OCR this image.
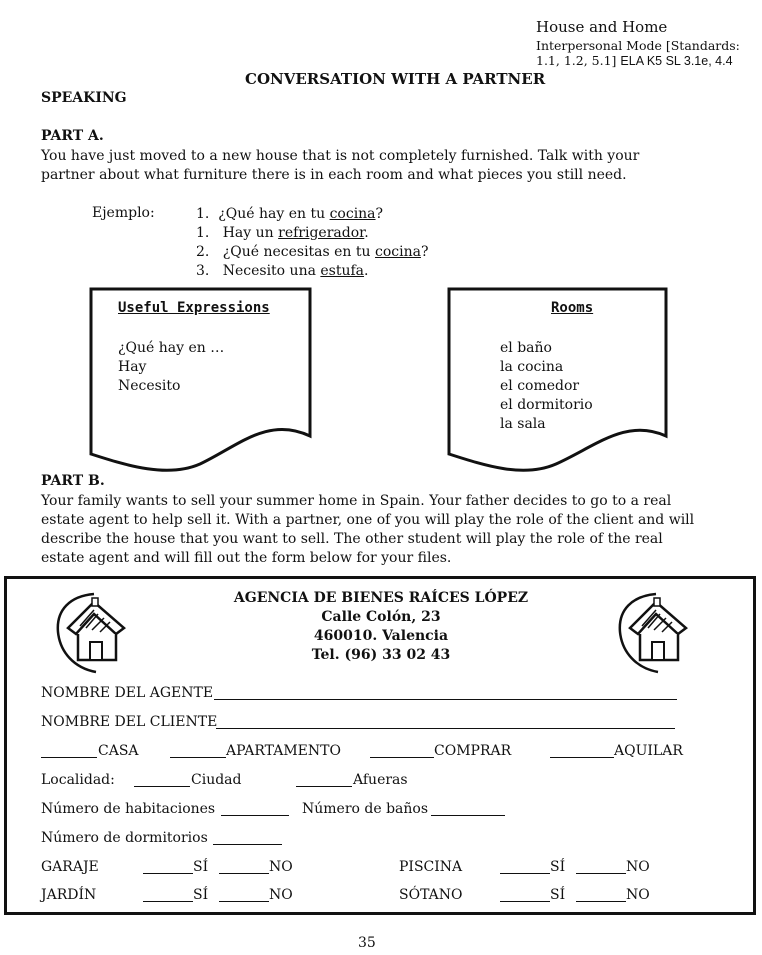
House and Home
Interpersonal Mode [Standards:
1.1, 1.2, 5.1] ELA K5 SL 3.1e, 4.4
CONVERSATION WITH A PARTNER
SPEAKING
PART A.
You have just moved to a new house that is not completely furnished. Talk with your
partner about what furniture there is in each room and what pieces you still need.
Ejemplo:	1. ¿Qué hay en tu cocina?
1. Hay un refrigerador.
2. ¿Qué necesitas en tu cocina?
3. Necesito una estufa.
Useful Expressions
¿Qué hay en …
Hay
Necesito
Rooms
el baño
la cocina
el comedor
el dormitorio
la sala
PART B.
Your family wants to sell your summer home in Spain. Your father decides to go to a real
estate agent to help sell it. With a partner, one of you will play the role of the client and will
describe the house that you want to sell. The other student will play the role of the real
estate agent and will fill out the form below for your files.
AGENCIA DE BIENES RAÍCES LÓPEZ
Calle Colón, 23
460010. Valencia
Tel. (96) 33 02 43
NOMBRE DEL AGENTE
NOMBRE DEL CLIENTE
CASA	APARTAMENTO	COMPRAR	AQUILAR
Localidad:	Ciudad	Afueras
Número de habitaciones	Número de baños
Número de dormitorios
GARAJE	SÍ	NO	PISCINA	SÍ	NO
JARDÍN	SÍ	NO	SÓTANO	SÍ	NO
35
